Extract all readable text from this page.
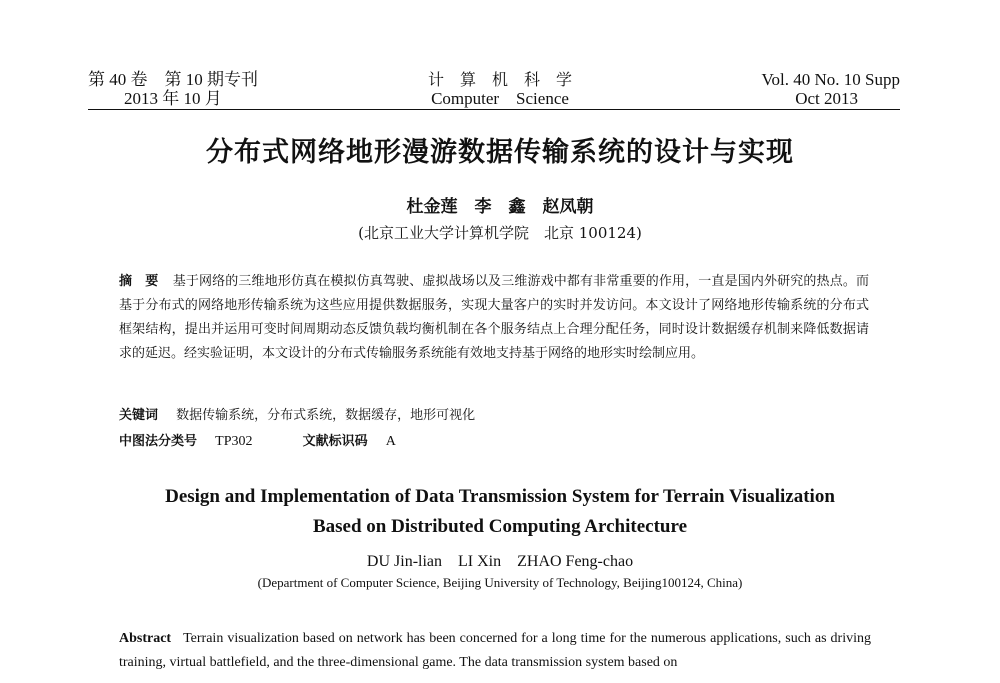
第 40 卷　第 10 期专刊
2013 年 10 月
计　算　机　科　学
Computer　Science
Vol. 40 No. 10 Supp
Oct 2013
分布式网络地形漫游数据传输系统的设计与实现
杜金莲　李　鑫　赵凤朝
(北京工业大学计算机学院　北京 100124)
摘　要 基于网络的三维地形仿真在模拟仿真驾驶、虚拟战场以及三维游戏中都有非常重要的作用，一直是国内外研究的热点。而基于分布式的网络地形传输系统为这些应用提供数据服务，实现大量客户的实时并发访问。本文设计了网络地形传输系统的分布式框架结构，提出并运用可变时间周期动态反馈负载均衡机制在各个服务结点上合理分配任务，同时设计数据缓存机制来降低数据请求的延迟。经实验证明，本文设计的分布式传输服务系统能有效地支持基于网络的地形实时绘制应用。
关键词 数据传输系统，分布式系统，数据缓存，地形可视化
中图法分类号 TP302	文献标识码 A
Design and Implementation of Data Transmission System for Terrain Visualization
Based on Distributed Computing Architecture
DU Jin-lian　LI Xin　ZHAO Feng-chao
(Department of Computer Science, Beijing University of Technology, Beijing100124, China)
Abstract Terrain visualization based on network has been concerned for a long time for the numerous applications, such as driving training, virtual battlefield, and the three-dimensional game. The data transmission system based on
